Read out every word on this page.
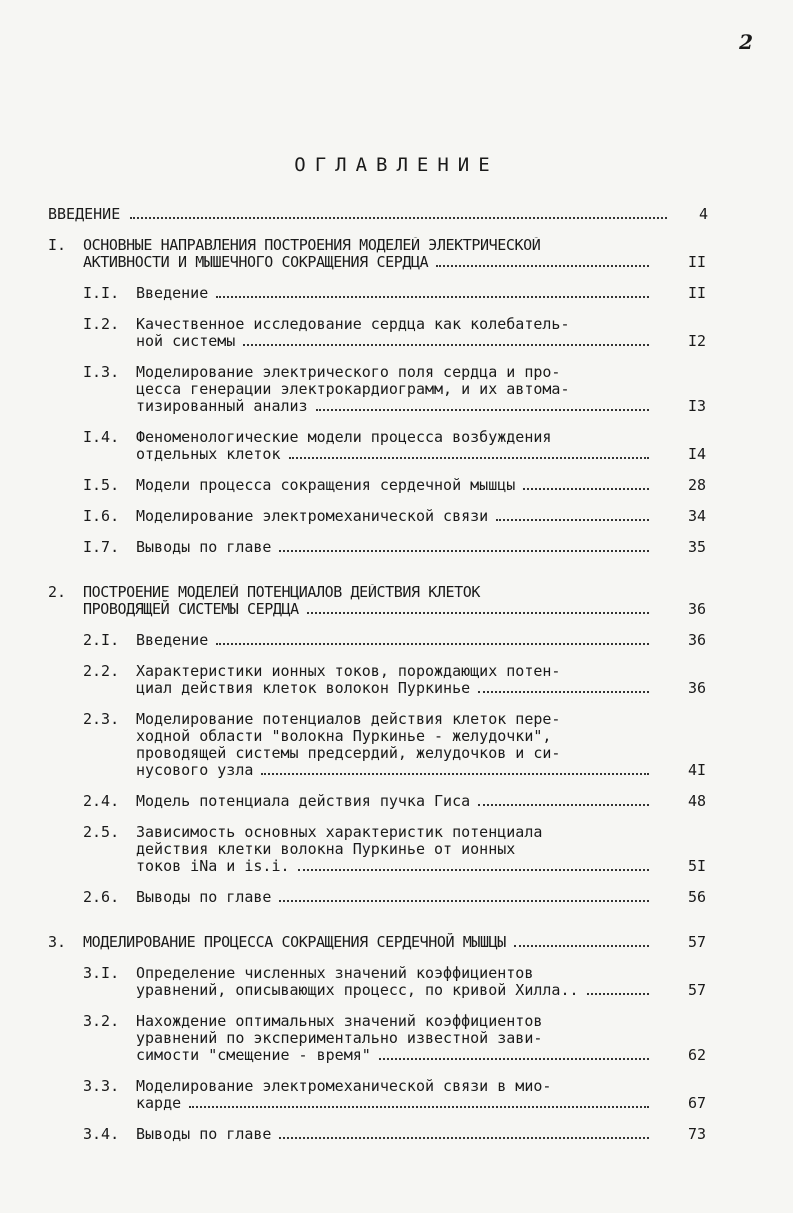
2
ОГЛАВЛЕНИЕ
ВВЕДЕНИЕ	4
I. ОСНОВНЫЕ НАПРАВЛЕНИЯ ПОСТРОЕНИЯ МОДЕЛЕЙ ЭЛЕКТРИЧЕСКОЙ
АКТИВНОСТИ И МЫШЕЧНОГО СОКРАЩЕНИЯ СЕРДЦА	II
I.I. Введение	II
I.2. Качественное исследование сердца как колебатель-
ной системы	I2
I.3. Моделирование электрического поля сердца и про-
цесса генерации электрокардиограмм, и их автома-
тизированный анализ	I3
I.4. Феноменологические модели процесса возбуждения
отдельных клеток	I4
I.5. Модели процесса сокращения сердечной мышцы	28
I.6. Моделирование электромеханической связи	34
I.7. Выводы по главе	35
2. ПОСТРОЕНИЕ МОДЕЛЕЙ ПОТЕНЦИАЛОВ ДЕЙСТВИЯ КЛЕТОК
ПРОВОДЯЩЕЙ СИСТЕМЫ СЕРДЦА	36
2.I. Введение	36
2.2. Характеристики ионных токов, порождающих потен-
циал действия клеток волокон Пуркинье	36
2.3. Моделирование потенциалов действия клеток пере-
ходной области "волокна Пуркинье - желудочки",
проводящей системы предсердий, желудочков и си-
нусового узла	4I
2.4. Модель потенциала действия пучка Гиса	48
2.5. Зависимость основных характеристик потенциала
действия клетки волокна Пуркинье от ионных
токов iNa и is.i.	5I
2.6. Выводы по главе	56
3. МОДЕЛИРОВАНИЕ ПРОЦЕССА СОКРАЩЕНИЯ СЕРДЕЧНОЙ МЫШЦЫ	57
3.I. Определение численных значений коэффициентов
уравнений, описывающих процесс, по кривой Хилла..	57
3.2. Нахождение оптимальных значений коэффициентов
уравнений по экспериментально известной зави-
симости "смещение - время"	62
3.3. Моделирование электромеханической связи в мио-
карде	67
3.4. Выводы по главе	73
